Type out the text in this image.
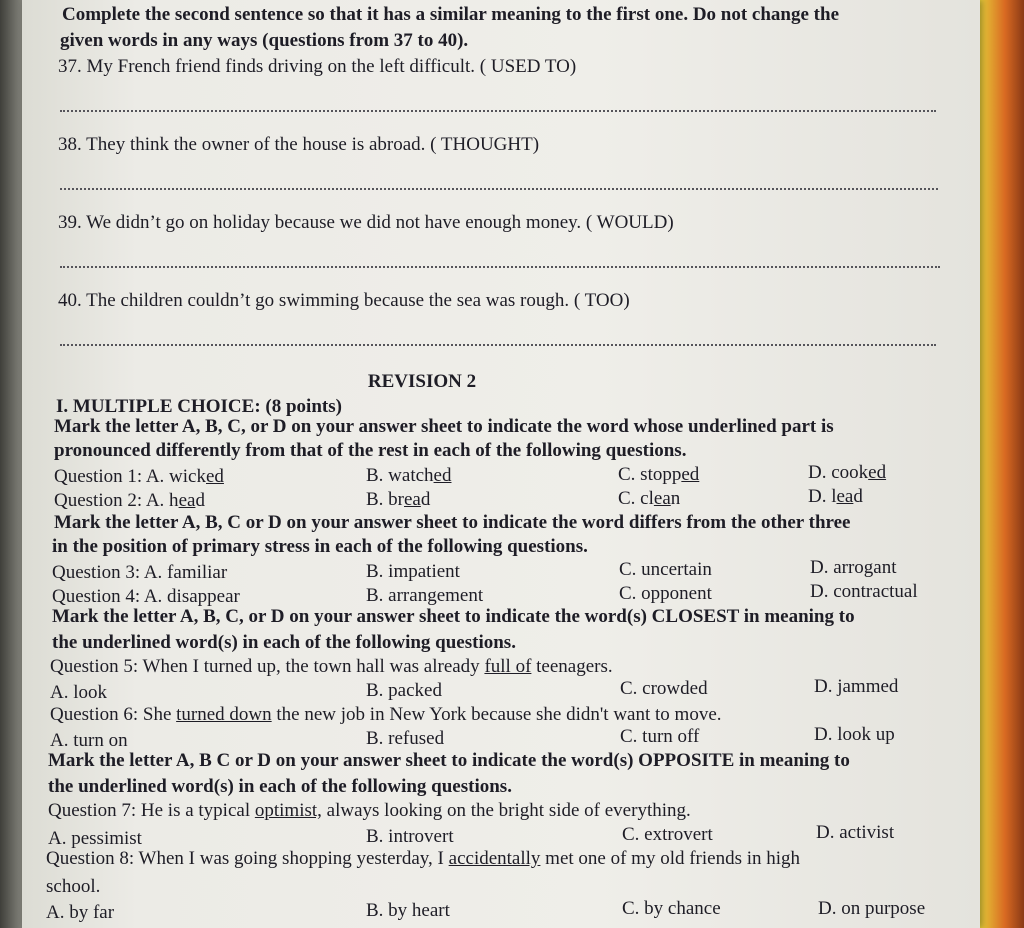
Complete the second sentence so that it has a similar meaning to the first one. Do not change the
given words in any ways (questions from 37 to 40).
37. My French friend finds driving on the left difficult. ( USED TO)
38. They think the owner of the house is abroad. ( THOUGHT)
39. We didn’t go on holiday because we did not have enough money. ( WOULD)
40. The children couldn’t go swimming because the sea was rough. ( TOO)
REVISION 2
I. MULTIPLE CHOICE: (8 points)
Mark the letter A, B, C, or D on your answer sheet to indicate the word whose underlined part is
pronounced differently from that of the rest in each of the following questions.
Question 1: A. wicked	B. watched	C. stopped	D. cooked
Question 2: A. head	B. bread	C. clean	D. lead
Mark the letter A, B, C or D on your answer sheet to indicate the word differs from the other three
in the position of primary stress in each of the following questions.
Question 3: A. familiar	B. impatient	C. uncertain	D. arrogant
Question 4: A. disappear	B. arrangement	C. opponent	D. contractual
Mark the letter A, B, C, or D on your answer sheet to indicate the word(s) CLOSEST in meaning to
the underlined word(s) in each of the following questions.
Question 5: When I turned up, the town hall was already full of teenagers.
A. look	B. packed	C. crowded	D. jammed
Question 6: She turned down the new job in New York because she didn't want to move.
A. turn on	B. refused	C. turn off	D. look up
Mark the letter A, B C or D on your answer sheet to indicate the word(s) OPPOSITE in meaning to
the underlined word(s) in each of the following questions.
Question 7: He is a typical optimist, always looking on the bright side of everything.
A. pessimist	B. introvert	C. extrovert	D. activist
Question 8: When I was going shopping yesterday, I accidentally met one of my old friends in high
school.
A. by far	B. by heart	C. by chance	D. on purpose
